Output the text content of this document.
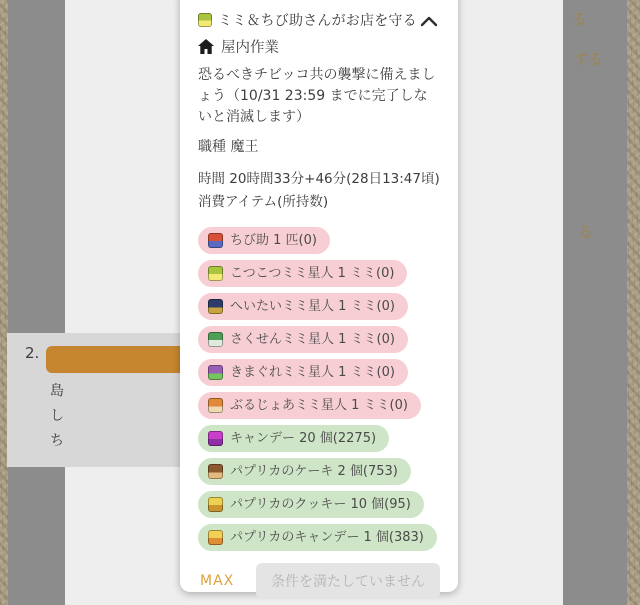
2.
島
し
ち
る
する
る
ミミ＆ちび助さんがお店を守る
屋内作業
恐るべきチビッコ共の襲撃に備えましょう（10/31 23:59 までに完了しないと消滅します）
職種 魔王
時間 20時間33分+46分(28日13:47頃)
消費アイテム(所持数)
ちび助 1 匹(0)
こつこつミミ星人 1 ミミ(0)
へいたいミミ星人 1 ミミ(0)
さくせんミミ星人 1 ミミ(0)
きまぐれミミ星人 1 ミミ(0)
ぶるじょあミミ星人 1 ミミ(0)
キャンデー 20 個(2275)
パプリカのケーキ 2 個(753)
パプリカのクッキー 10 個(95)
パプリカのキャンデー 1 個(383)
MAX	条件を満たしていません
